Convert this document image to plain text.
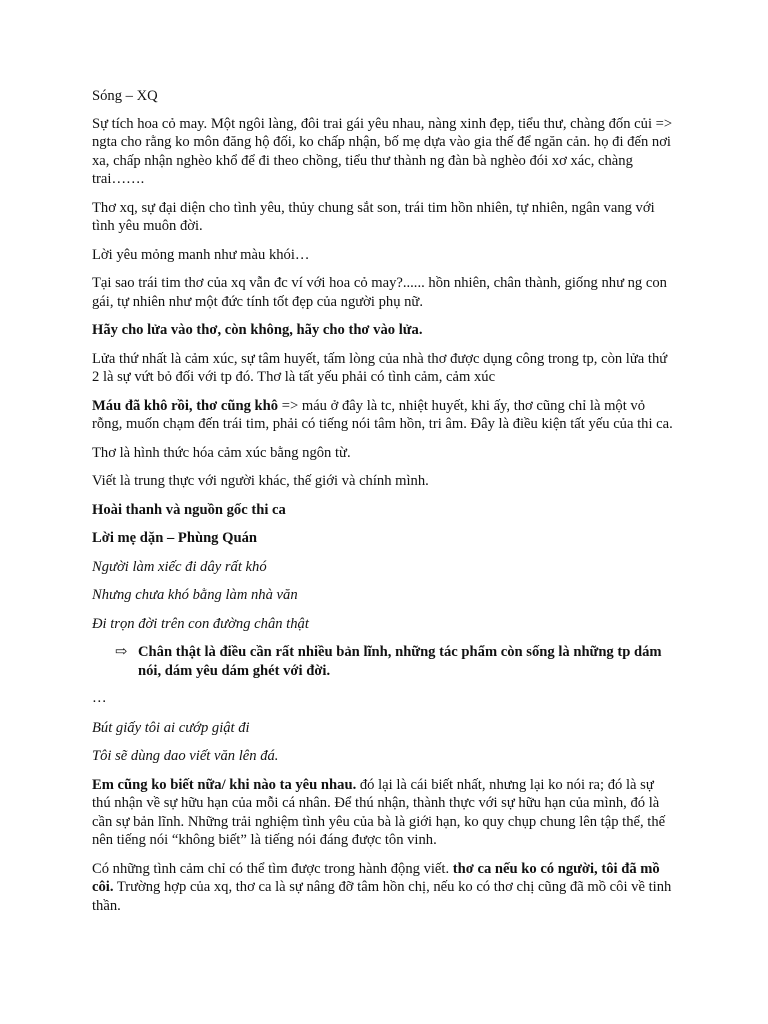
Sóng – XQ

Sự tích hoa cỏ may. Một ngôi làng, đôi trai gái yêu nhau, nàng xinh đẹp, tiểu thư, chàng đốn củi => ngta cho rằng ko môn đăng hộ đối, ko chấp nhận, bố mẹ dựa vào gia thế để ngăn cản. họ đi đến nơi xa, chấp nhận nghèo khổ để đi theo chồng, tiểu thư thành ng đàn bà nghèo đói xơ xác, chàng trai…….

Thơ xq, sự đại diện cho tình yêu, thủy chung sắt son, trái tim hồn nhiên, tự nhiên, ngân vang với tình yêu muôn đời.

Lời yêu mỏng manh như màu khói…

Tại sao trái tim thơ của xq vẫn đc ví với hoa cỏ may?...... hồn nhiên, chân thành, giống như ng con gái, tự nhiên như một đức tính tốt đẹp của người phụ nữ.

Hãy cho lửa vào thơ, còn không, hãy cho thơ vào lửa.

Lửa thứ nhất là cảm xúc, sự tâm huyết, tấm lòng của nhà thơ được dụng công trong tp, còn lửa thứ 2 là sự vứt bỏ đối với tp đó. Thơ là tất yếu phải có tình cảm, cảm xúc

Máu đã khô rồi, thơ cũng khô => máu ở đây là tc, nhiệt huyết, khi ấy, thơ cũng chỉ là một vỏ rỗng, muốn chạm đến trái tim, phải có tiếng nói tâm hồn, tri âm. Đây là điều kiện tất yếu của thi ca.

Thơ là hình thức hóa cảm xúc bằng ngôn từ.

Viết là trung thực với người khác, thế giới và chính mình.

Hoài thanh và nguồn gốc thi ca

Lời mẹ dặn – Phùng Quán

Người làm xiếc đi dây rất khó

Nhưng chưa khó bằng làm nhà văn

Đi trọn đời trên con đường chân thật

⇨ Chân thật là điều cần rất nhiều bản lĩnh, những tác phẩm còn sống là những tp dám nói, dám yêu dám ghét với đời.

…

Bút giấy tôi ai cướp giật đi

Tôi sẽ dùng dao viết văn lên đá.

Em cũng ko biết nữa/ khi nào ta yêu nhau. đó lại là cái biết nhất, nhưng lại ko nói ra; đó là sự thú nhận về sự hữu hạn của mỗi cá nhân. Để thú nhận, thành thực với sự hữu hạn của mình, đó là cần sự bản lĩnh. Những trải nghiệm tình yêu của bà là giới hạn, ko quy chụp chung lên tập thể, thế nên tiếng nói “không biết” là tiếng nói đáng được tôn vinh.

Có những tình cảm chỉ có thể tìm được trong hành động viết. thơ ca nếu ko có người, tôi đã mồ côi. Trường hợp của xq, thơ ca là sự nâng đỡ tâm hồn chị, nếu ko có thơ chị cũng đã mồ côi về tinh thần.
